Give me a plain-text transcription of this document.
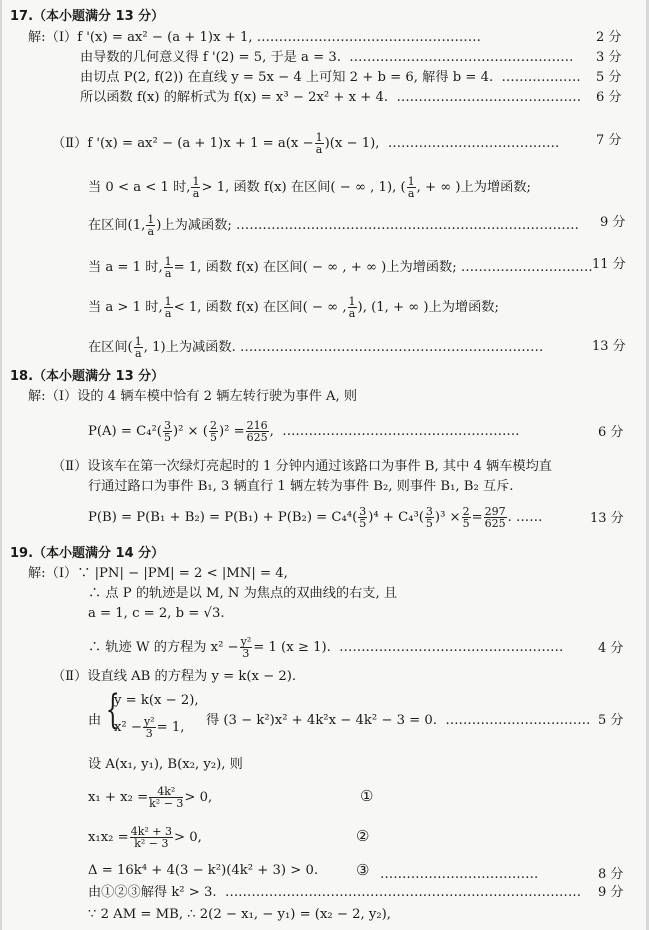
17.（本小题满分 13 分）
解:（Ⅰ）f '(x) = ax² − (a + 1)x + 1, ……………………………………………	2 分
由导数的几何意义得 f '(2) = 5, 于是 a = 3.  …………………………………………… 3 分
由切点 P(2, f(2)) 在直线 y = 5x − 4 上可知 2 + b = 6, 解得 b = 4.  ……………… 5 分
所以函数 f(x) 的解析式为 f(x) = x³ − 2x² + x + 4.  …………………………………… 6 分
（Ⅱ）f '$(x) = ax^2 - (a + 1)x + 1 = a(x - \frac{1}{a} )(x - 1)$,  …………………………………	7 分
当 0 < a < 1 时, $\frac{1}{a} > 1$, 函数 f(x) 在区间( − ∞ , 1), ( $\frac{1}{a}$ , + ∞ )上为增函数;
在区间(1, $\frac{1}{a}$ )上为减函数; …………………………………………………………………… 9 分
当 a = 1 时, $\frac{1}{a} = 1$, 函数 f(x) 在区间( − ∞ , + ∞ )上为增函数; ………………………… 11 分
当 a > 1 时, $\frac{1}{a} < 1$, 函数 f(x) 在区间( − ∞ , $\frac{1}{a}$ ), (1, + ∞ )上为增函数;
在区间( $\frac{1}{a}$ , 1)上为减函数. ……………………………………………………………	13 分
18.（本小题满分 13 分）
解:（Ⅰ）设的 4 辆车模中恰有 2 辆左转行驶为事件 A, 则
$P(A) = C_4^2( \frac{3}{5} )^2$ × ( $\frac{2}{5} )^2 = \frac{216}{625}$ ,  ………………………………………………	6 分
（Ⅱ）设该车在第一次绿灯亮起时的 1 分钟内通过该路口为事件 B, 其中 4 辆车模均直
行通过路口为事件 B₁, 3 辆直行 1 辆左转为事件 B₂, 则事件 B₁, B₂ 互斥.
$P(B) = P(B_1 + B_2) = P(B_1) + P(B_2) = C_4^4( \frac{3}{5} )^4 + C_4^3( \frac{3}{5} )^3 \times \frac{2}{5} = \frac{297}{625}$ . ……	13 分
19.（本小题满分 14 分）
解:（Ⅰ）∵ |PN| − |PM| = 2 < |MN| = 4,
∴ 点 P 的轨迹是以 M, N 为焦点的双曲线的右支, 且
a = 1, c = 2, b = √3.
∴ 轨迹 W 的方程为 $x^2 - \frac{\text{y²}}{3} = 1$ (x ≥ 1).  ……………………………………………	4 分
（Ⅱ）设直线 AB 的方程为 y = k(x − 2).
由 {
y = k(x − 2),
$x^2 - \frac{\text{y²}}{3} = 1$, 得 (3 − k²)x² + 4k²x − 4k² − 3 = 0.  …………………………… 5 分
设 A(x₁, y₁), B(x₂, y₂), 则
$x_1 + x_2 = \frac{\text{4k²}}{\text{k² − 3}} > 0$,	①
$x_1x_2 = \frac{\text{4k² + 3}}{\text{k² − 3}} > 0$,	②
Δ = 16k⁴ + 4(3 − k²)(4k² + 3) > 0.	③ ………………………………	8 分
由①②③解得 k² > 3.  ……………………………………………………………………… 9 分
∵ 2 AM = MB, ∴ 2(2 − x₁, − y₁) = (x₂ − 2, y₂),
